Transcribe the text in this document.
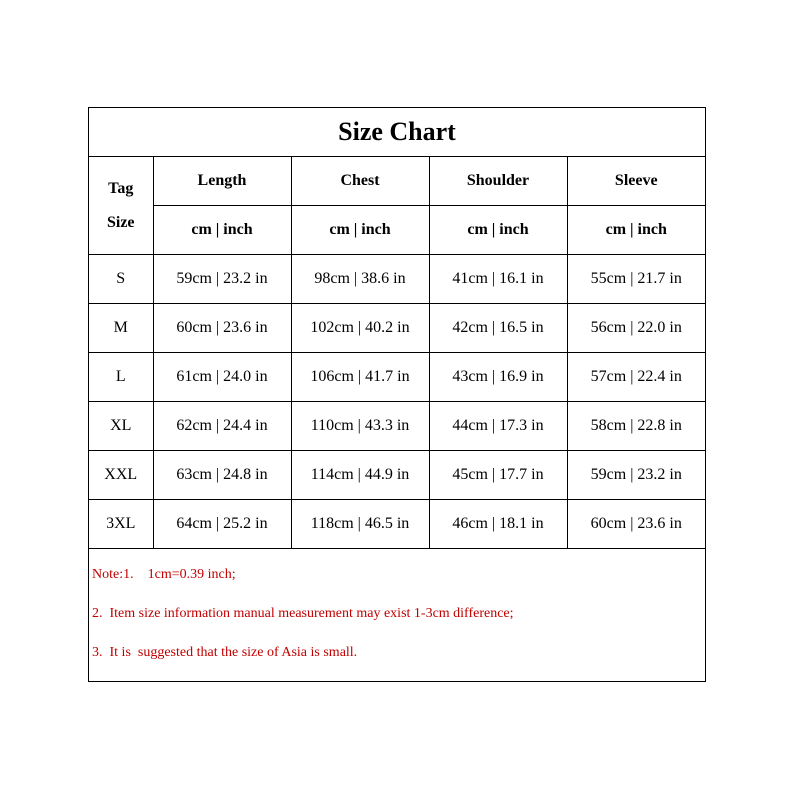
Size Chart
Tag
Size	Length	Chest	Shoulder	Sleeve
	cm | inch	cm | inch	cm | inch	cm | inch
S	59cm | 23.2 in	98cm | 38.6 in	41cm | 16.1 in	55cm | 21.7 in
M	60cm | 23.6 in	102cm | 40.2 in	42cm | 16.5 in	56cm | 22.0 in
L	61cm | 24.0 in	106cm | 41.7 in	43cm | 16.9 in	57cm | 22.4 in
XL	62cm | 24.4 in	110cm | 43.3 in	44cm | 17.3 in	58cm | 22.8 in
XXL	63cm | 24.8 in	114cm | 44.9 in	45cm | 17.7 in	59cm | 23.2 in
3XL	64cm | 25.2 in	118cm | 46.5 in	46cm | 18.1 in	60cm | 23.6 in
Note:1.    1cm=0.39 inch;
2.  Item size information manual measurement may exist 1-3cm difference;
3.  It is  suggested that the size of Asia is small.
